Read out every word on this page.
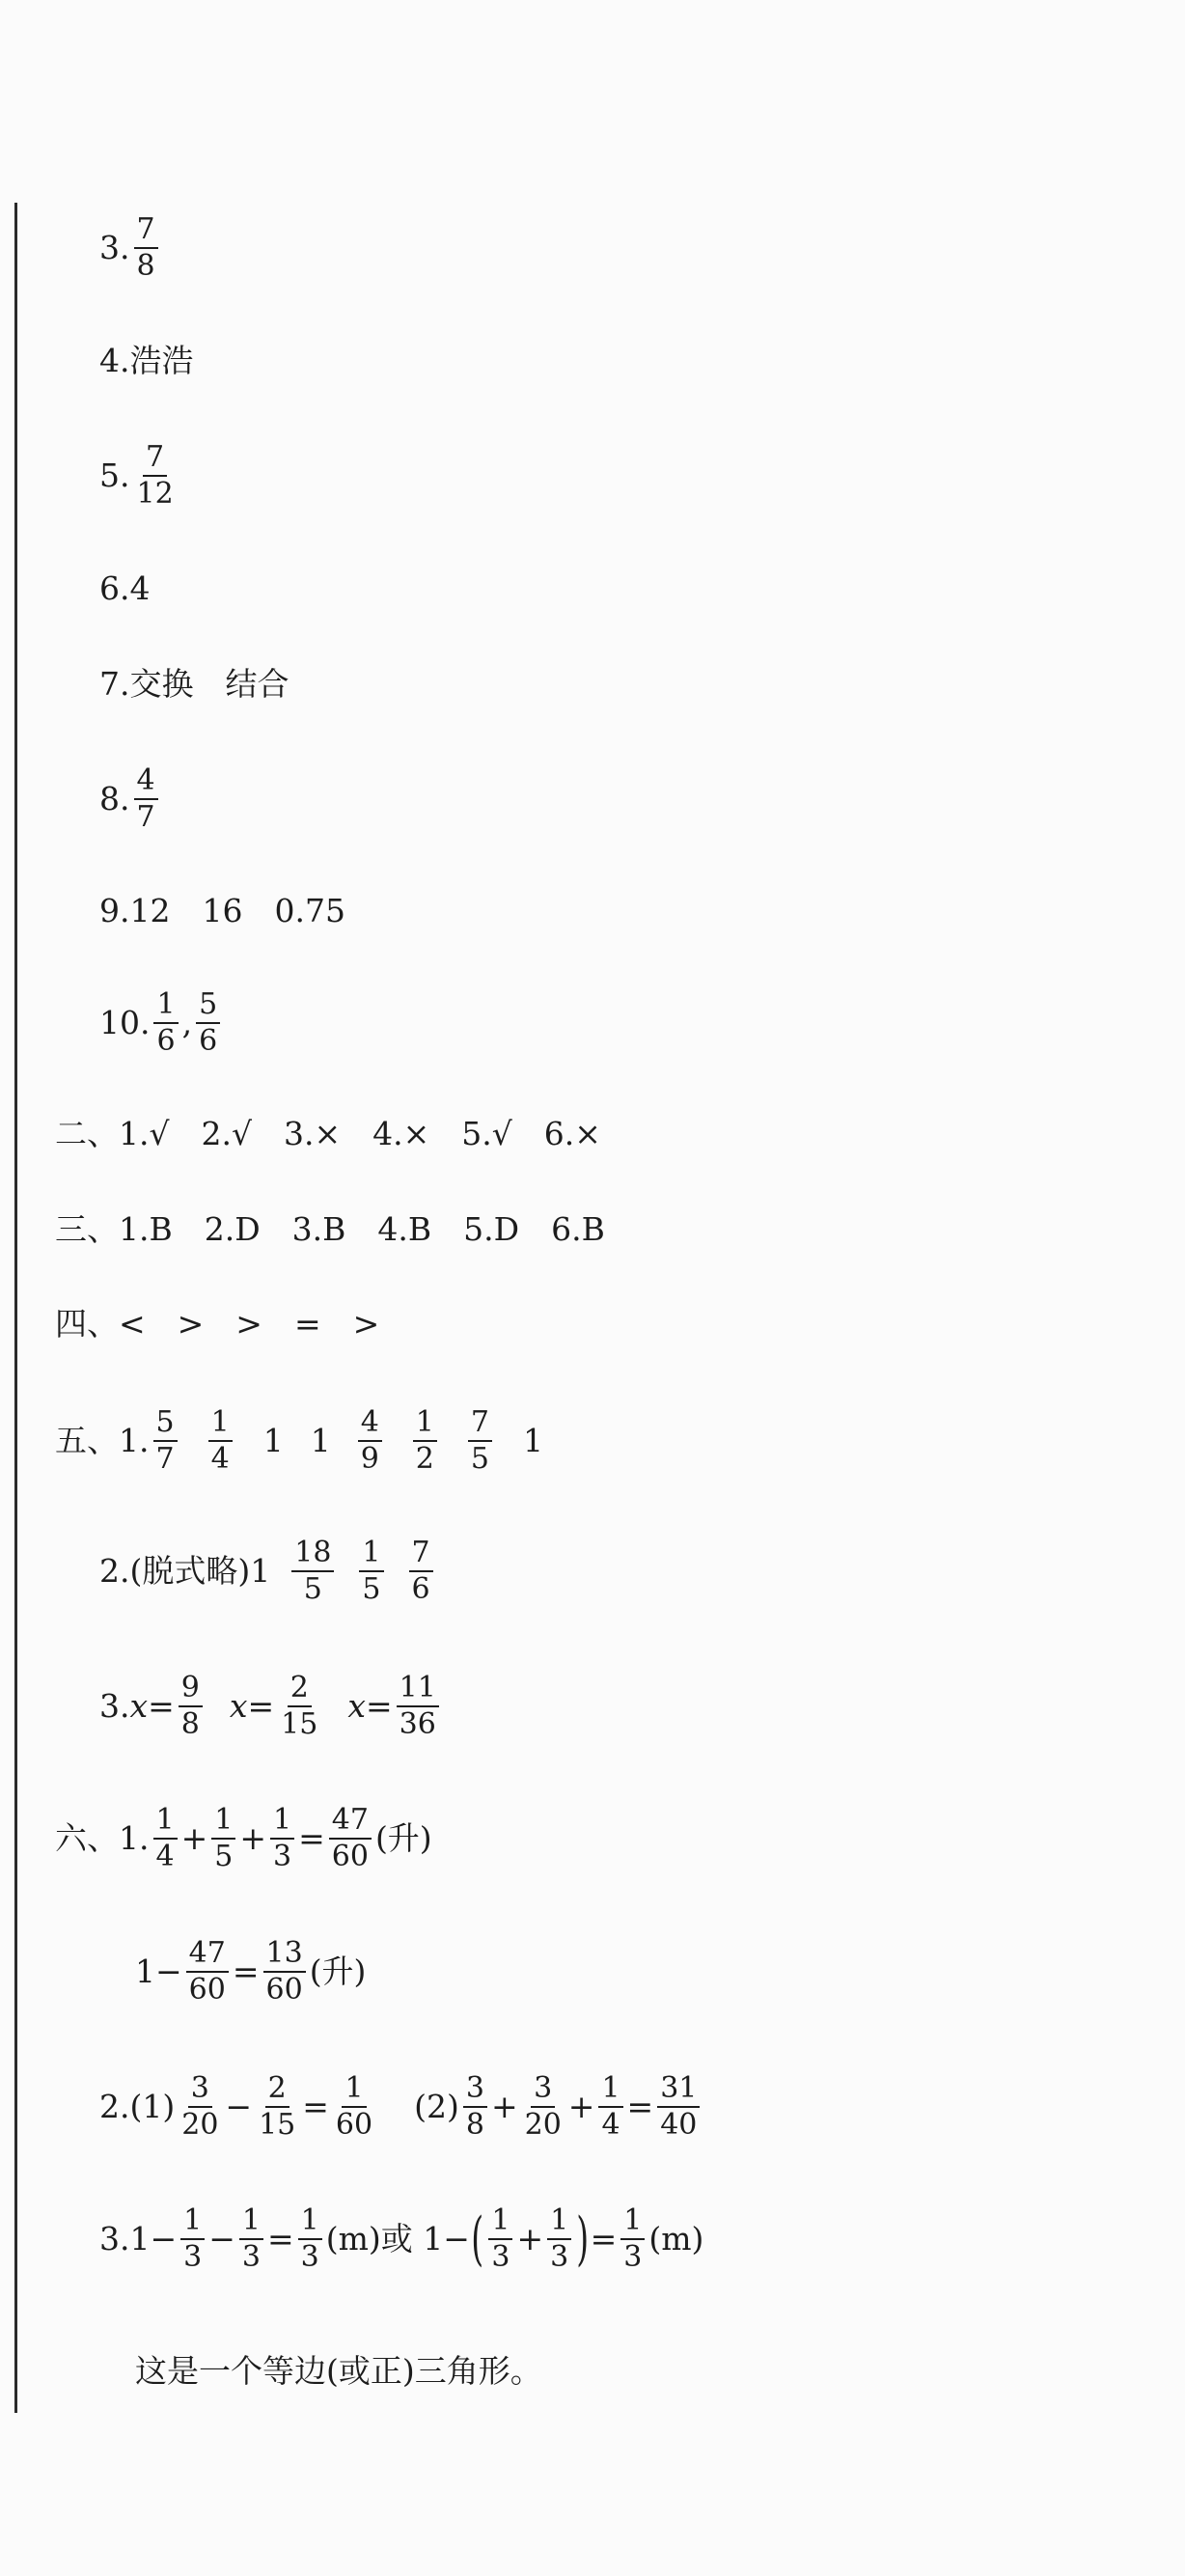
3. $\frac{7}{8}$
4.浩浩
5. $\frac{7}{12}$
6.4
7.交换　结合
8. $\frac{4}{7}$
9.12　16　0.75
10. $\frac{1}{6}$ , $\frac{5}{6}$
二、1.√　2.√　3.×　4.×　5.√　6.×
三、1.B　2.D　3.B　4.B　5.D　6.B
四、<　>　>　=　>
五、1. $\frac{5}{7} \frac{1}{4} 1$ $1 \frac{4}{9} \frac{1}{2} \frac{7}{5} 1$
2.(脱式略)$1 \frac{18}{5} \frac{1}{5} \frac{7}{6}$
3. $x = \frac{9}{8}$ $x = \frac{2}{15}$ $x = \frac{11}{36}$
六、1. $\frac{1}{4} + \frac{1}{5} + \frac{1}{3} = \frac{47}{60}$ (升)
$1- \frac{47}{60} = \frac{13}{60}$ (升)
$2.(1) \frac{3}{20} - \frac{2}{15} = \frac{1}{60} (2) \frac{3}{8} + \frac{3}{20} + \frac{1}{4} = \frac{31}{40}$
$3.1- \frac{1}{3} - \frac{1}{3} = \frac{1}{3} (m)$或 1− ( $\frac{1}{3} + \frac{1}{3}$ ) = $\frac{1}{3} (m)$
这是一个等边(或正)三角形。
